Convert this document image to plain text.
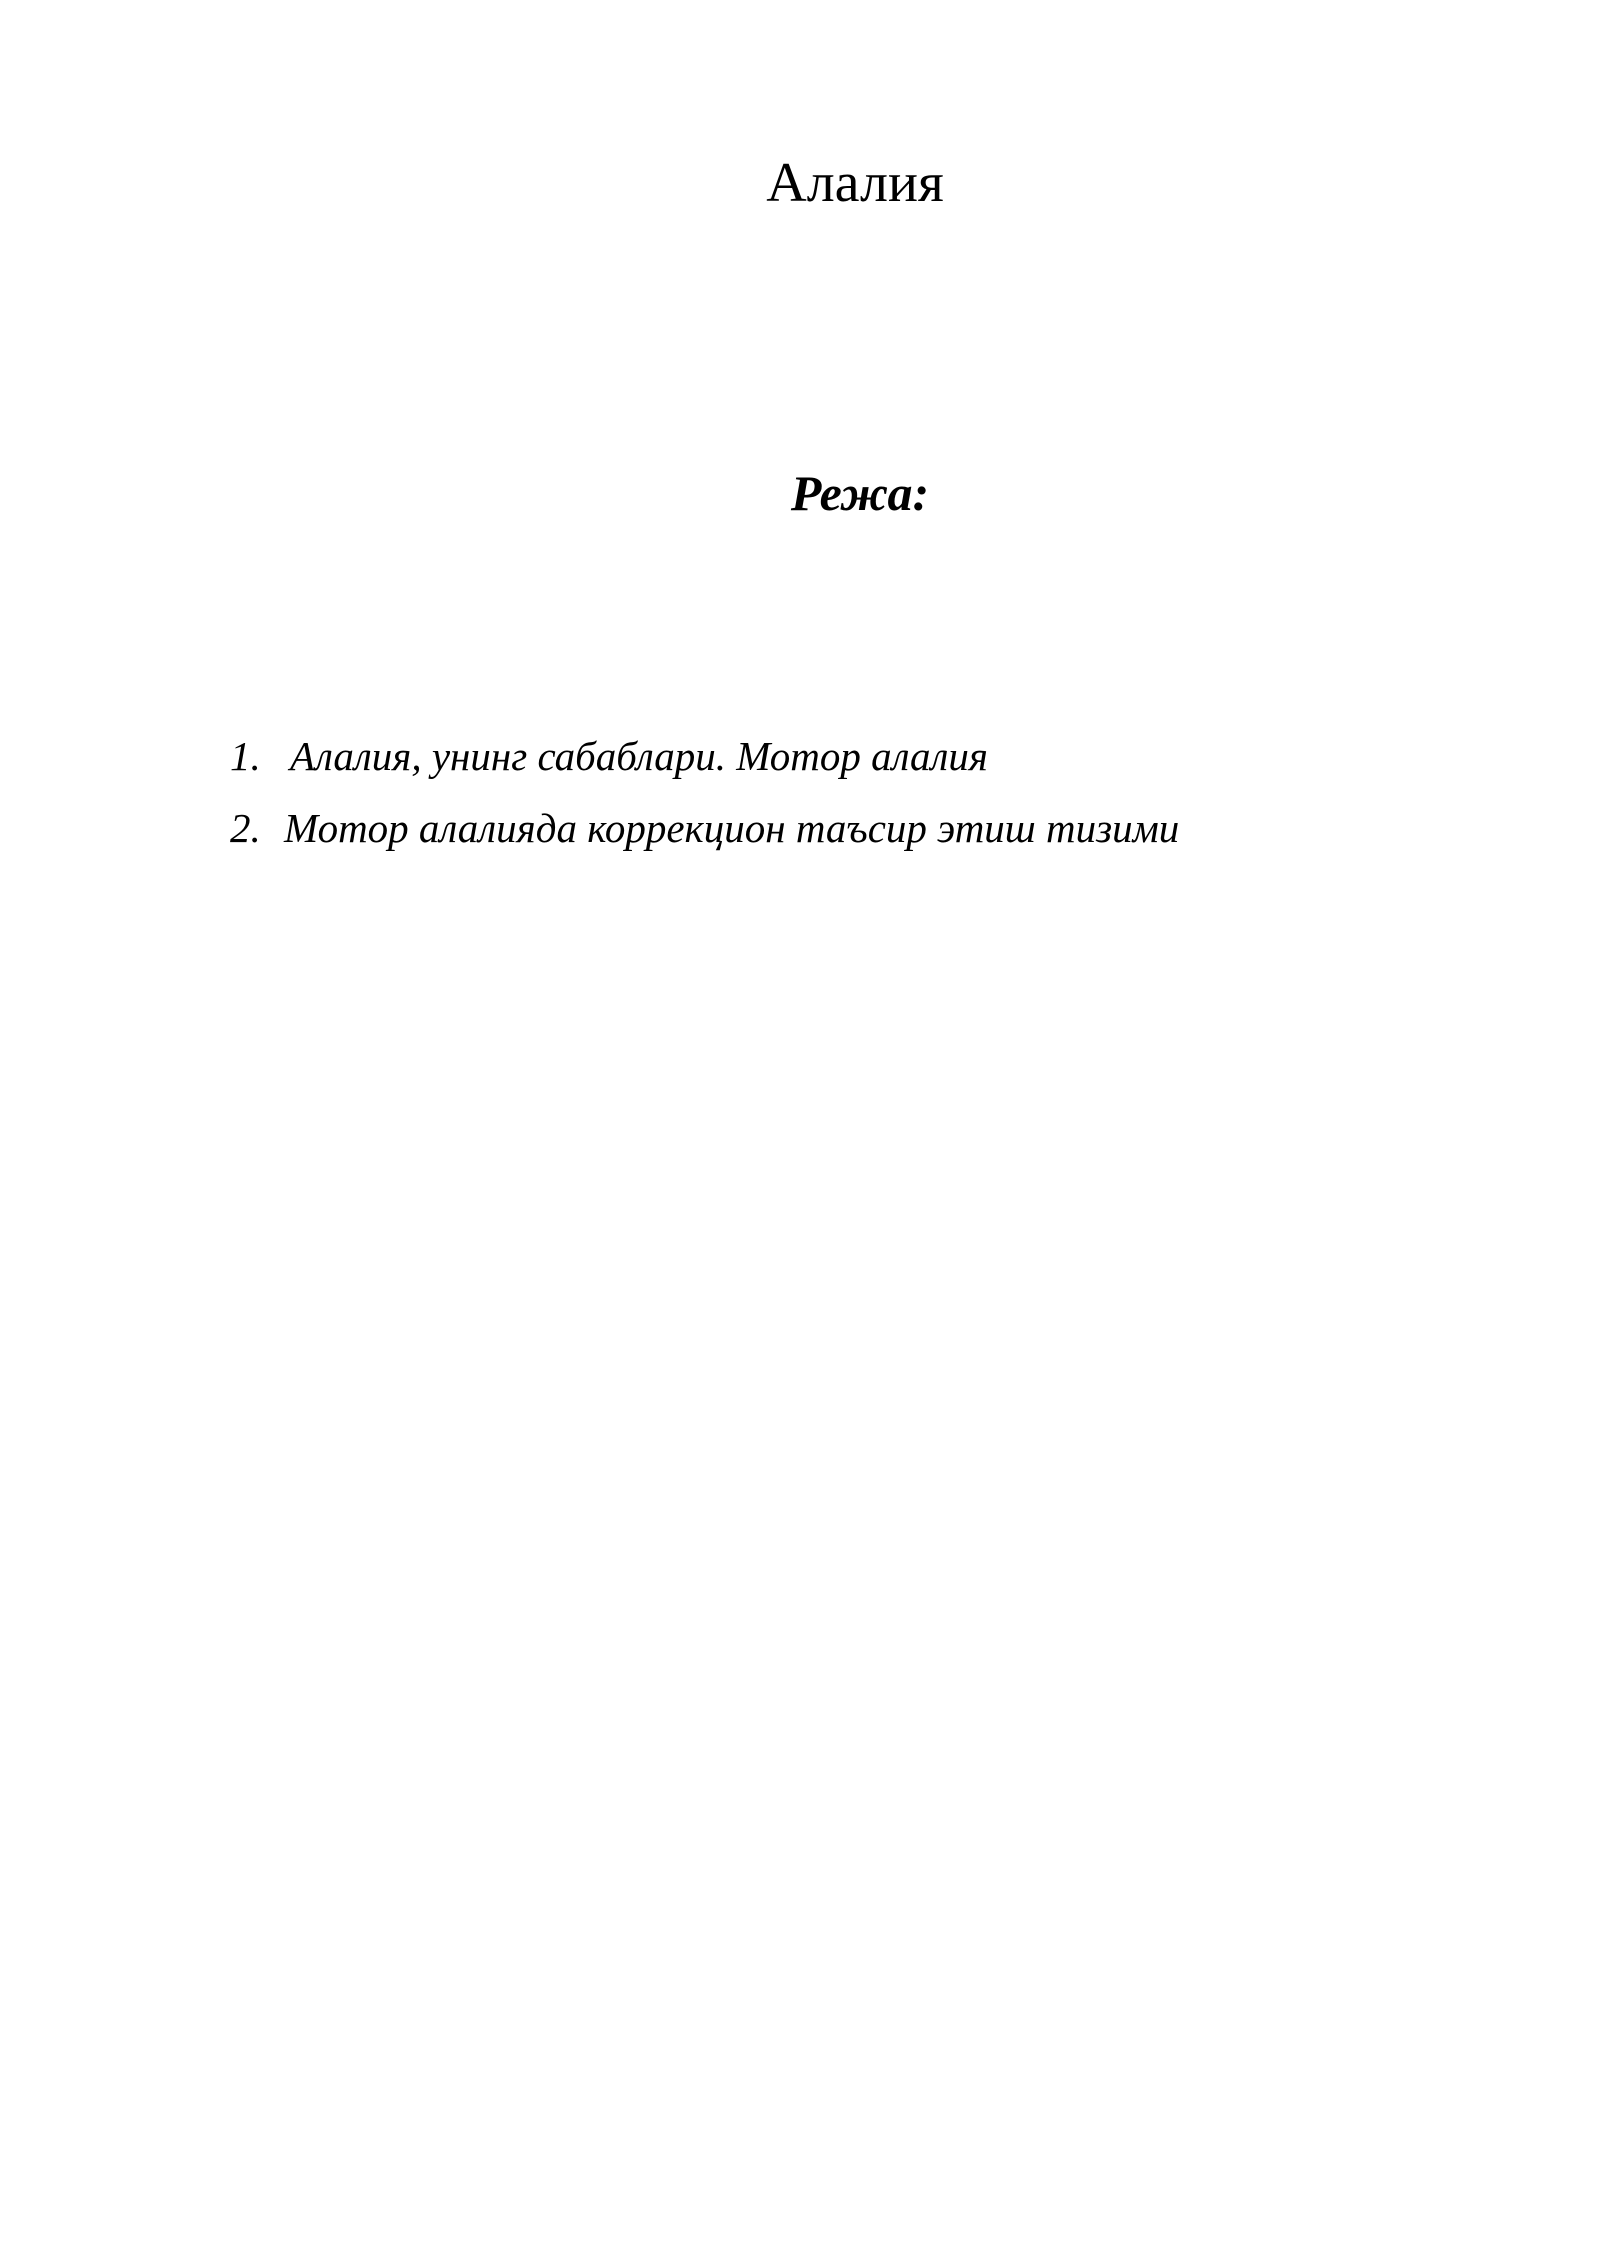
Алалия
Режа:
1. Алалия, унинг сабаблари. Мотор алалия
2. Мотор алалияда коррекцион таъсир этиш тизими
